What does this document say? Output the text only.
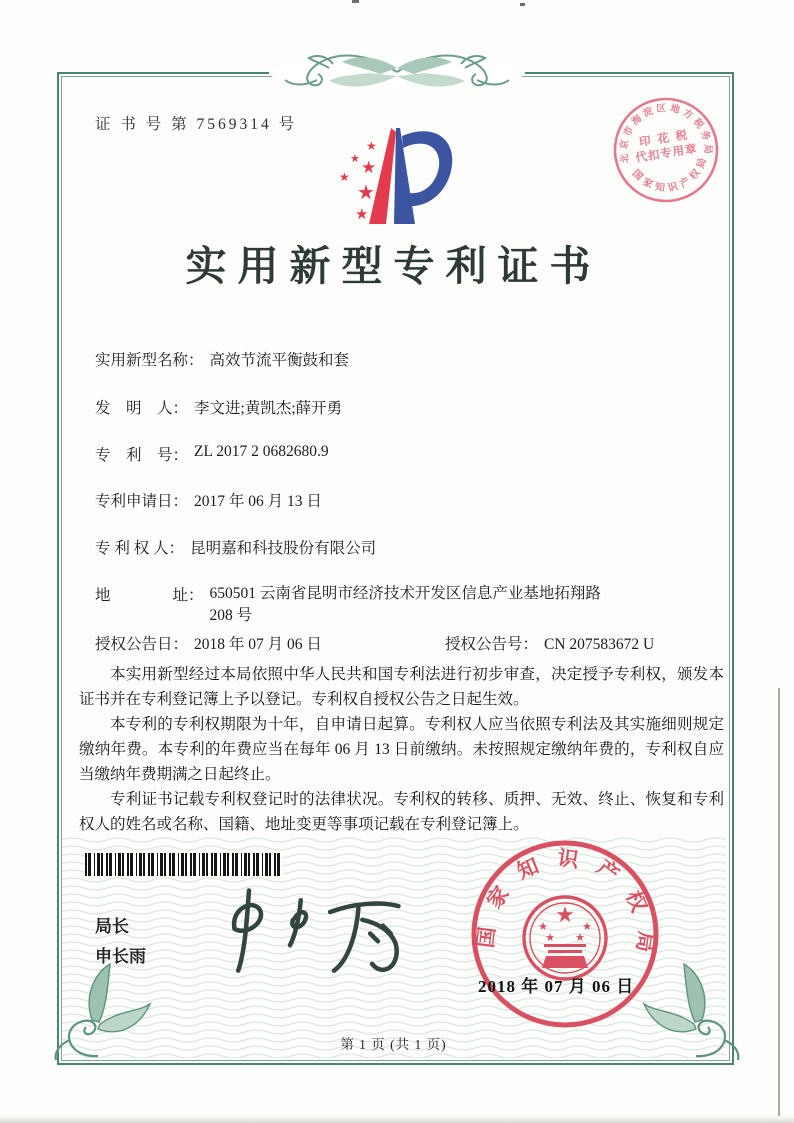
证 书 号 第 7569314 号
★
★ ★
★
★
★
北京市海淀区地方税务局
印 花 税
代扣专用章
国家知识产权局
实用新型专利证书
实用新型名称： 高效节流平衡鼓和套
发　明　人： 李文进;黄凯杰;薛开勇
专　利　号： ZL 2017 2 0682680.9
专利申请日： 2017 年 06 月 13 日
专 利 权 人： 昆明嘉和科技股份有限公司
地　　　　址： 650501 云南省昆明市经济技术开发区信息产业基地拓翔路 208 号
授权公告日： 2018 年 07 月 06 日	授权公告号： CN 207583672 U

本实用新型经过本局依照中华人民共和国专利法进行初步审查，决定授予专利权，颁发本证书并在专利登记簿上予以登记。专利权自授权公告之日起生效。

本专利的专利权期限为十年，自申请日起算。专利权人应当依照专利法及其实施细则规定缴纳年费。本专利的年费应当在每年 06 月 13 日前缴纳。未按照规定缴纳年费的，专利权自应当缴纳年费期满之日起终止。

专利证书记载专利权登记时的法律状况。专利权的转移、质押、无效、终止、恢复和专利权人的姓名或名称、国籍、地址变更等事项记载在专利登记簿上。

局长
申长雨
★
★	★
★ ★
国家知识产权局
2018 年 07 月 06 日
第 1 页 (共 1 页)
